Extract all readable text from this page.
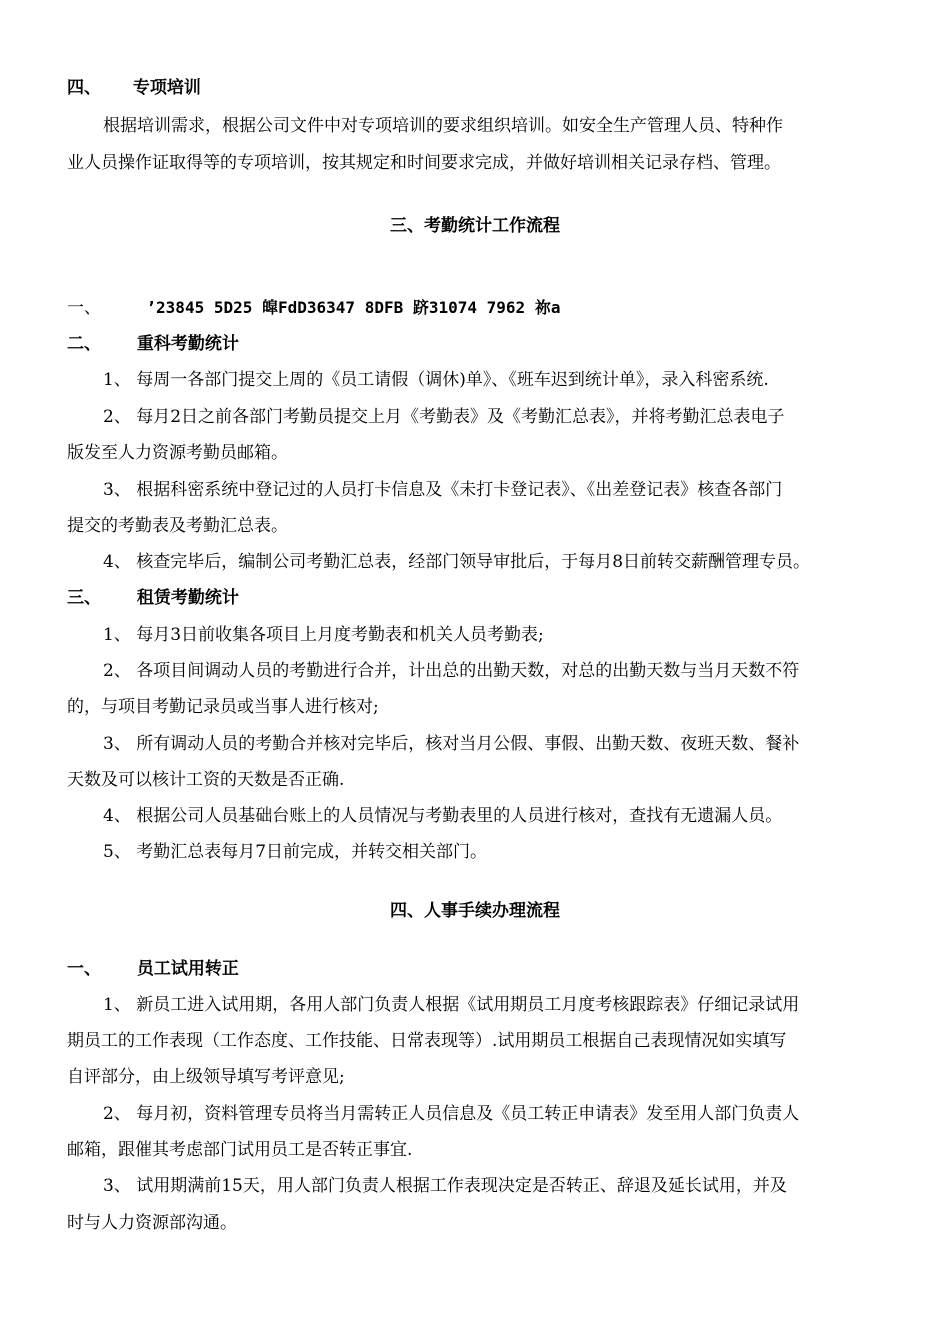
四、 专项培训
根据培训需求，根据公司文件中对专项培训的要求组织培训。如安全生产管理人员、特种作
业人员操作证取得等的专项培训，按其规定和时间要求完成，并做好培训相关记录存档、管理。
三、考勤统计工作流程
一、	’23845 5D25 皡FdD36347 8DFB 跻31074 7962 祢a
二、 重科考勤统计
1、 每周一各部门提交上周的《员工请假（调休)单》、《班车迟到统计单》，录入科密系统.
2、 每月2日之前各部门考勤员提交上月《考勤表》及《考勤汇总表》，并将考勤汇总表电子
版发至人力资源考勤员邮箱。
3、 根据科密系统中登记过的人员打卡信息及《未打卡登记表》、《出差登记表》核查各部门
提交的考勤表及考勤汇总表。
4、 核查完毕后，编制公司考勤汇总表，经部门领导审批后，于每月8日前转交薪酬管理专员。
三、 租赁考勤统计
1、 每月3日前收集各项目上月度考勤表和机关人员考勤表;
2、 各项目间调动人员的考勤进行合并，计出总的出勤天数，对总的出勤天数与当月天数不符
的，与项目考勤记录员或当事人进行核对;
3、 所有调动人员的考勤合并核对完毕后，核对当月公假、事假、出勤天数、夜班天数、餐补
天数及可以核计工资的天数是否正确.
4、 根据公司人员基础台账上的人员情况与考勤表里的人员进行核对，查找有无遗漏人员。
5、 考勤汇总表每月7日前完成，并转交相关部门。
四、人事手续办理流程
一、 员工试用转正
1、 新员工进入试用期，各用人部门负责人根据《试用期员工月度考核跟踪表》仔细记录试用
期员工的工作表现（工作态度、工作技能、日常表现等）.试用期员工根据自己表现情况如实填写
自评部分，由上级领导填写考评意见;
2、 每月初，资料管理专员将当月需转正人员信息及《员工转正申请表》发至用人部门负责人
邮箱，跟催其考虑部门试用员工是否转正事宜.
3、 试用期满前15天，用人部门负责人根据工作表现决定是否转正、辞退及延长试用，并及
时与人力资源部沟通。
